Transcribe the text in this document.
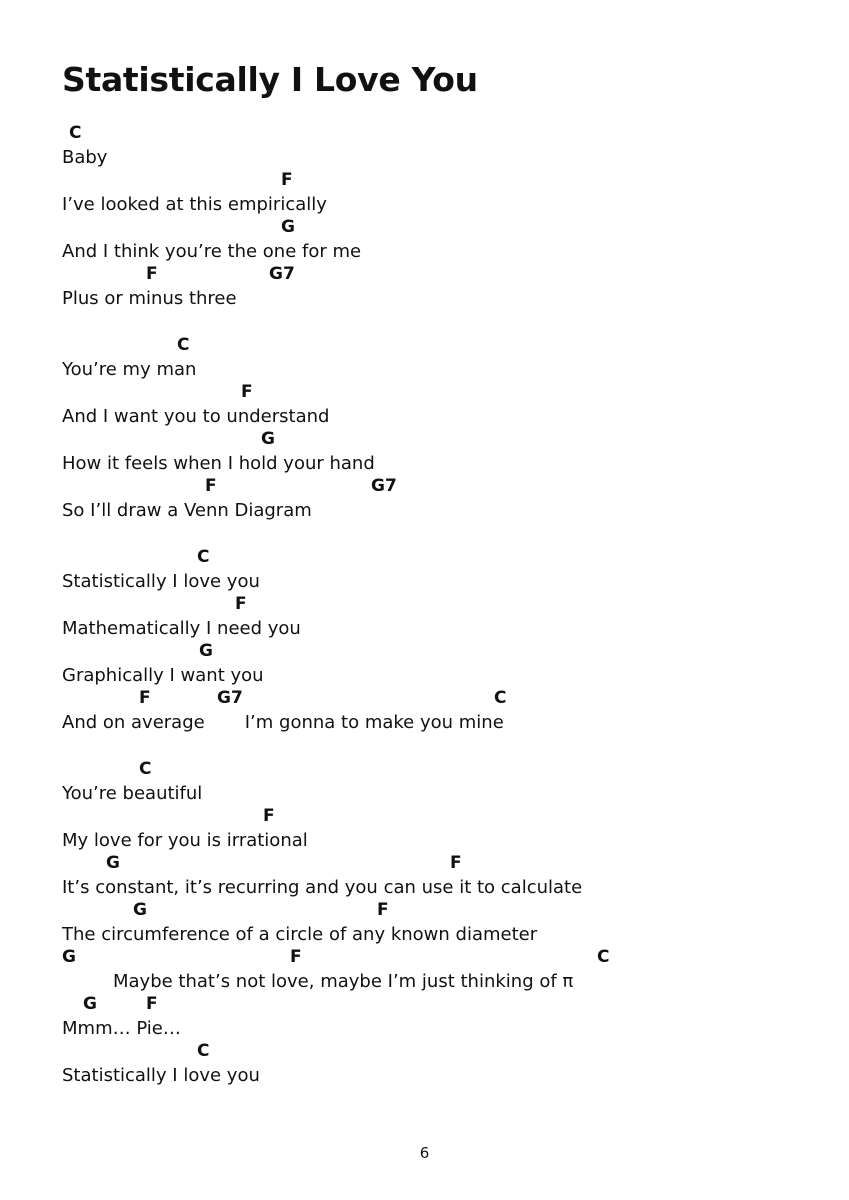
Statistically I Love You
C
Baby
F
I’ve looked at this empirically
G
And I think you’re the one for me
F	G7
Plus or minus three
C
You’re my man
F
And I want you to understand
G
How it feels when I hold your hand
F	G7
So I’ll draw a Venn Diagram
C
Statistically I love you
F
Mathematically I need you
G
Graphically I want you
F	G7	C
And on average       I’m gonna to make you mine
C
You’re beautiful
F
My love for you is irrational
G	F
It’s constant, it’s recurring and you can use it to calculate
G	F
The circumference of a circle of any known diameter
G	F	C
Maybe that’s not love, maybe I’m just thinking of π
G	F
Mmm… Pie…
C
Statistically I love you
6
